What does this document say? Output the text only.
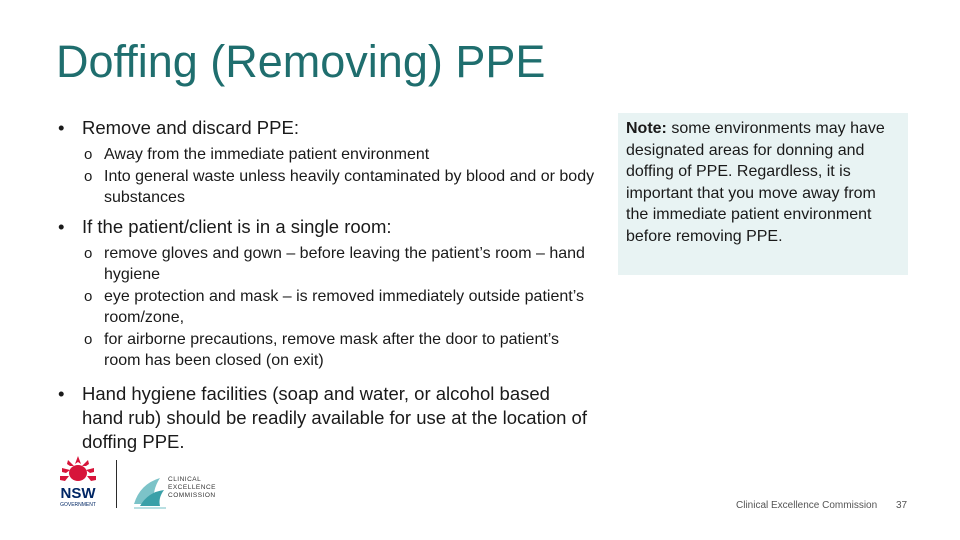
Doffing (Removing) PPE
• Remove and discard PPE:
o Away from the immediate patient environment
o Into general waste unless heavily contaminated by blood and or body substances
• If the patient/client is in a single room:
o remove gloves and gown – before leaving the patient’s room – hand hygiene
o eye protection and mask – is removed immediately outside patient’s room/zone,
o for airborne precautions, remove mask after the door to patient’s room has been closed (on exit)
• Hand hygiene facilities (soap and water, or alcohol based hand rub) should be readily available for use at the location of doffing PPE.
Note: some environments may have designated areas for donning and doffing of PPE. Regardless, it is important that you move away from the immediate patient environment before removing PPE.
NSW
GOVERNMENT
CLINICAL
EXCELLENCE
COMMISSION
Clinical Excellence Commission 37
